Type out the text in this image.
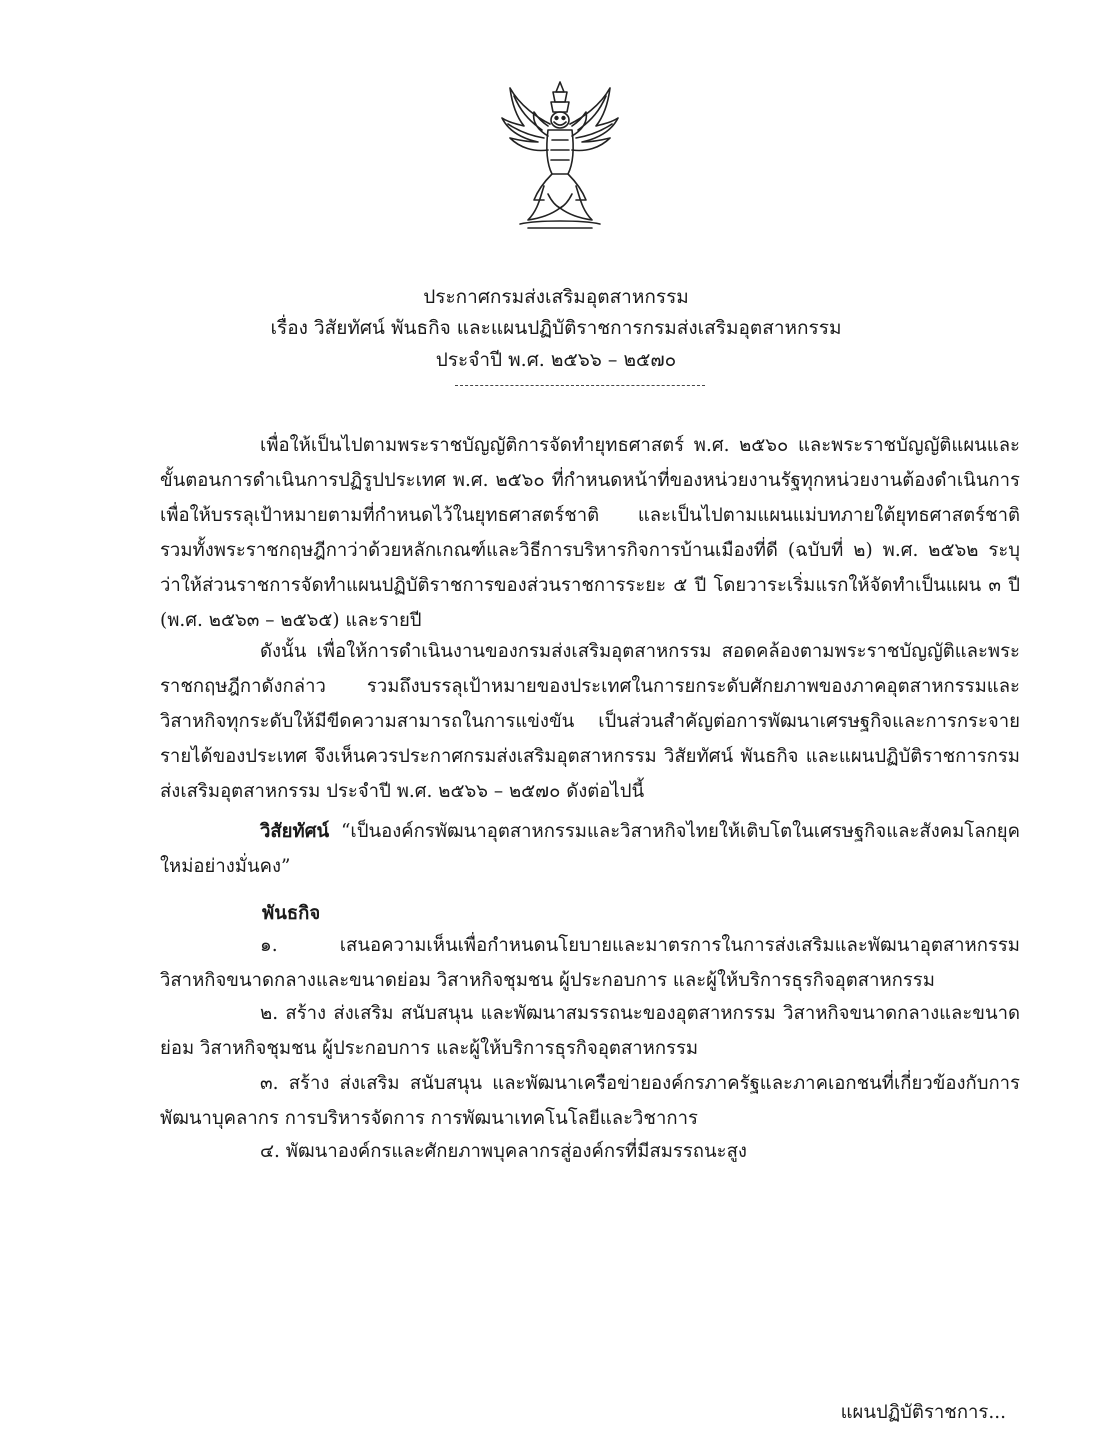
ประกาศกรมส่งเสริมอุตสาหกรรม
เรื่อง วิสัยทัศน์ พันธกิจ และแผนปฏิบัติราชการกรมส่งเสริมอุตสาหกรรม
ประจำปี พ.ศ. ๒๕๖๖ – ๒๕๗๐

เพื่อให้เป็นไปตามพระราชบัญญัติการจัดทำยุทธศาสตร์ พ.ศ. ๒๕๖๐ และพระราชบัญญัติแผนและขั้นตอนการดำเนินการปฏิรูปประเทศ พ.ศ. ๒๕๖๐ ที่กำหนดหน้าที่ของหน่วยงานรัฐทุกหน่วยงานต้องดำเนินการเพื่อให้บรรลุเป้าหมายตามที่กำหนดไว้ในยุทธศาสตร์ชาติ และเป็นไปตามแผนแม่บทภายใต้ยุทธศาสตร์ชาติ รวมทั้งพระราชกฤษฎีกาว่าด้วยหลักเกณฑ์และวิธีการบริหารกิจการบ้านเมืองที่ดี (ฉบับที่ ๒) พ.ศ. ๒๕๖๒ ระบุว่าให้ส่วนราชการจัดทำแผนปฏิบัติราชการของส่วนราชการระยะ ๕ ปี โดยวาระเริ่มแรกให้จัดทำเป็นแผน ๓ ปี (พ.ศ. ๒๕๖๓ – ๒๕๖๕) และรายปี

ดังนั้น เพื่อให้การดำเนินงานของกรมส่งเสริมอุตสาหกรรม สอดคล้องตามพระราชบัญญัติและพระราชกฤษฎีกาดังกล่าว รวมถึงบรรลุเป้าหมายของประเทศในการยกระดับศักยภาพของภาคอุตสาหกรรมและวิสาหกิจทุกระดับให้มีขีดความสามารถในการแข่งขัน เป็นส่วนสำคัญต่อการพัฒนาเศรษฐกิจและการกระจายรายได้ของประเทศ จึงเห็นควรประกาศกรมส่งเสริมอุตสาหกรรม วิสัยทัศน์ พันธกิจ และแผนปฏิบัติราชการกรมส่งเสริมอุตสาหกรรม ประจำปี พ.ศ. ๒๕๖๖ – ๒๕๗๐ ดังต่อไปนี้

วิสัยทัศน์ “เป็นองค์กรพัฒนาอุตสาหกรรมและวิสาหกิจไทยให้เติบโตในเศรษฐกิจและสังคมโลกยุคใหม่อย่างมั่นคง”

พันธกิจ

๑. เสนอความเห็นเพื่อกำหนดนโยบายและมาตรการในการส่งเสริมและพัฒนาอุตสาหกรรม วิสาหกิจขนาดกลางและขนาดย่อม วิสาหกิจชุมชน ผู้ประกอบการ และผู้ให้บริการธุรกิจอุตสาหกรรม

๒. สร้าง ส่งเสริม สนับสนุน และพัฒนาสมรรถนะของอุตสาหกรรม วิสาหกิจขนาดกลางและขนาดย่อม วิสาหกิจชุมชน ผู้ประกอบการ และผู้ให้บริการธุรกิจอุตสาหกรรม

๓. สร้าง ส่งเสริม สนับสนุน และพัฒนาเครือข่ายองค์กรภาครัฐและภาคเอกชนที่เกี่ยวข้องกับการพัฒนาบุคลากร การบริหารจัดการ การพัฒนาเทคโนโลยีและวิชาการ

๔. พัฒนาองค์กรและศักยภาพบุคลากรสู่องค์กรที่มีสมรรถนะสูง

แผนปฏิบัติราชการ...
